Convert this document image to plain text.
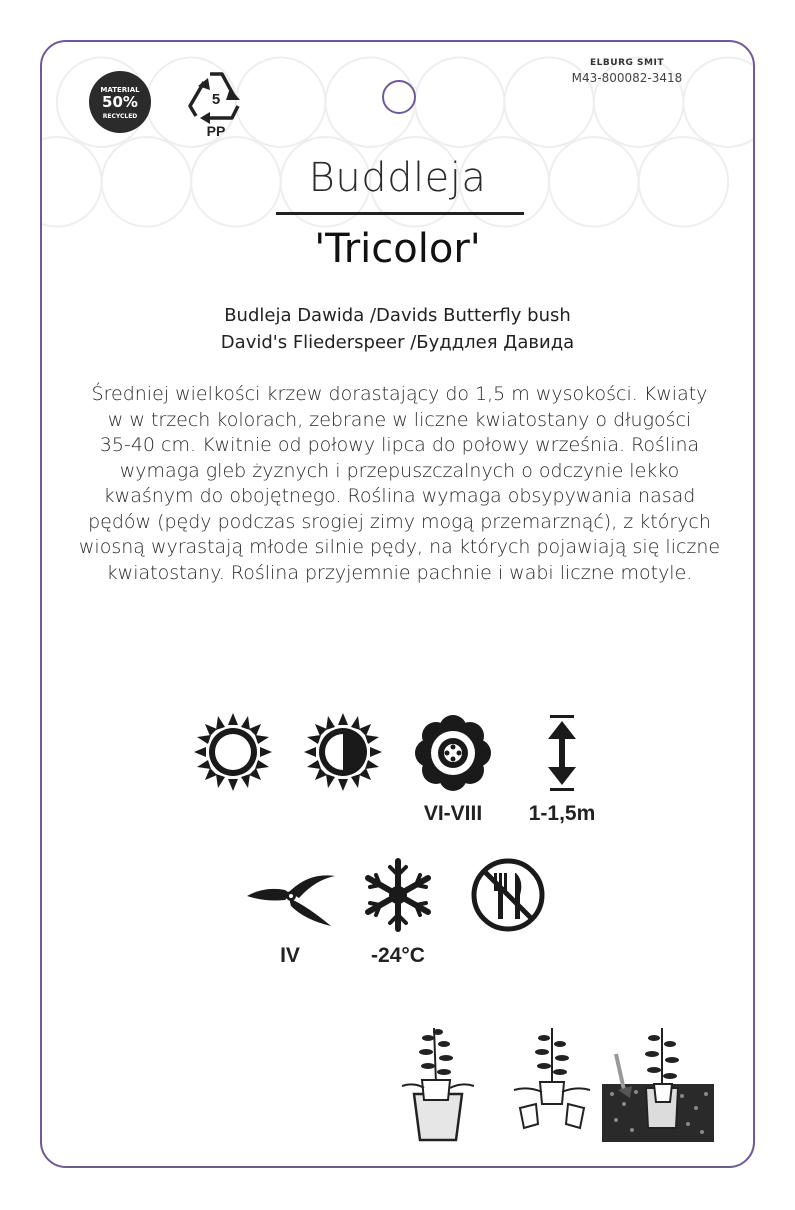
MATERIAL
50%
RECYCLED
5
PP
ELBURG SMIT
M43-800082-3418
Buddleja
'Tricolor'
Budleja Dawida /Davids Butterfly bush
David's Fliederspeer /Буддлея Давида
Średniej wielkości krzew dorastający do 1,5 m wysokości. Kwiaty
w w trzech kolorach, zebrane w liczne kwiatostany o długości
35-40 cm. Kwitnie od połowy lipca do połowy września. Roślina
wymaga gleb żyznych i przepuszczalnych o odczynie lekko
kwaśnym do obojętnego. Roślina wymaga obsypywania nasad
pędów (pędy podczas srogiej zimy mogą przemarznąć), z których
wiosną wyrastają młode silnie pędy, na których pojawiają się liczne
kwiatostany. Roślina przyjemnie pachnie i wabi liczne motyle.
VI-VIII	1-1,5m
IV	-24°C
